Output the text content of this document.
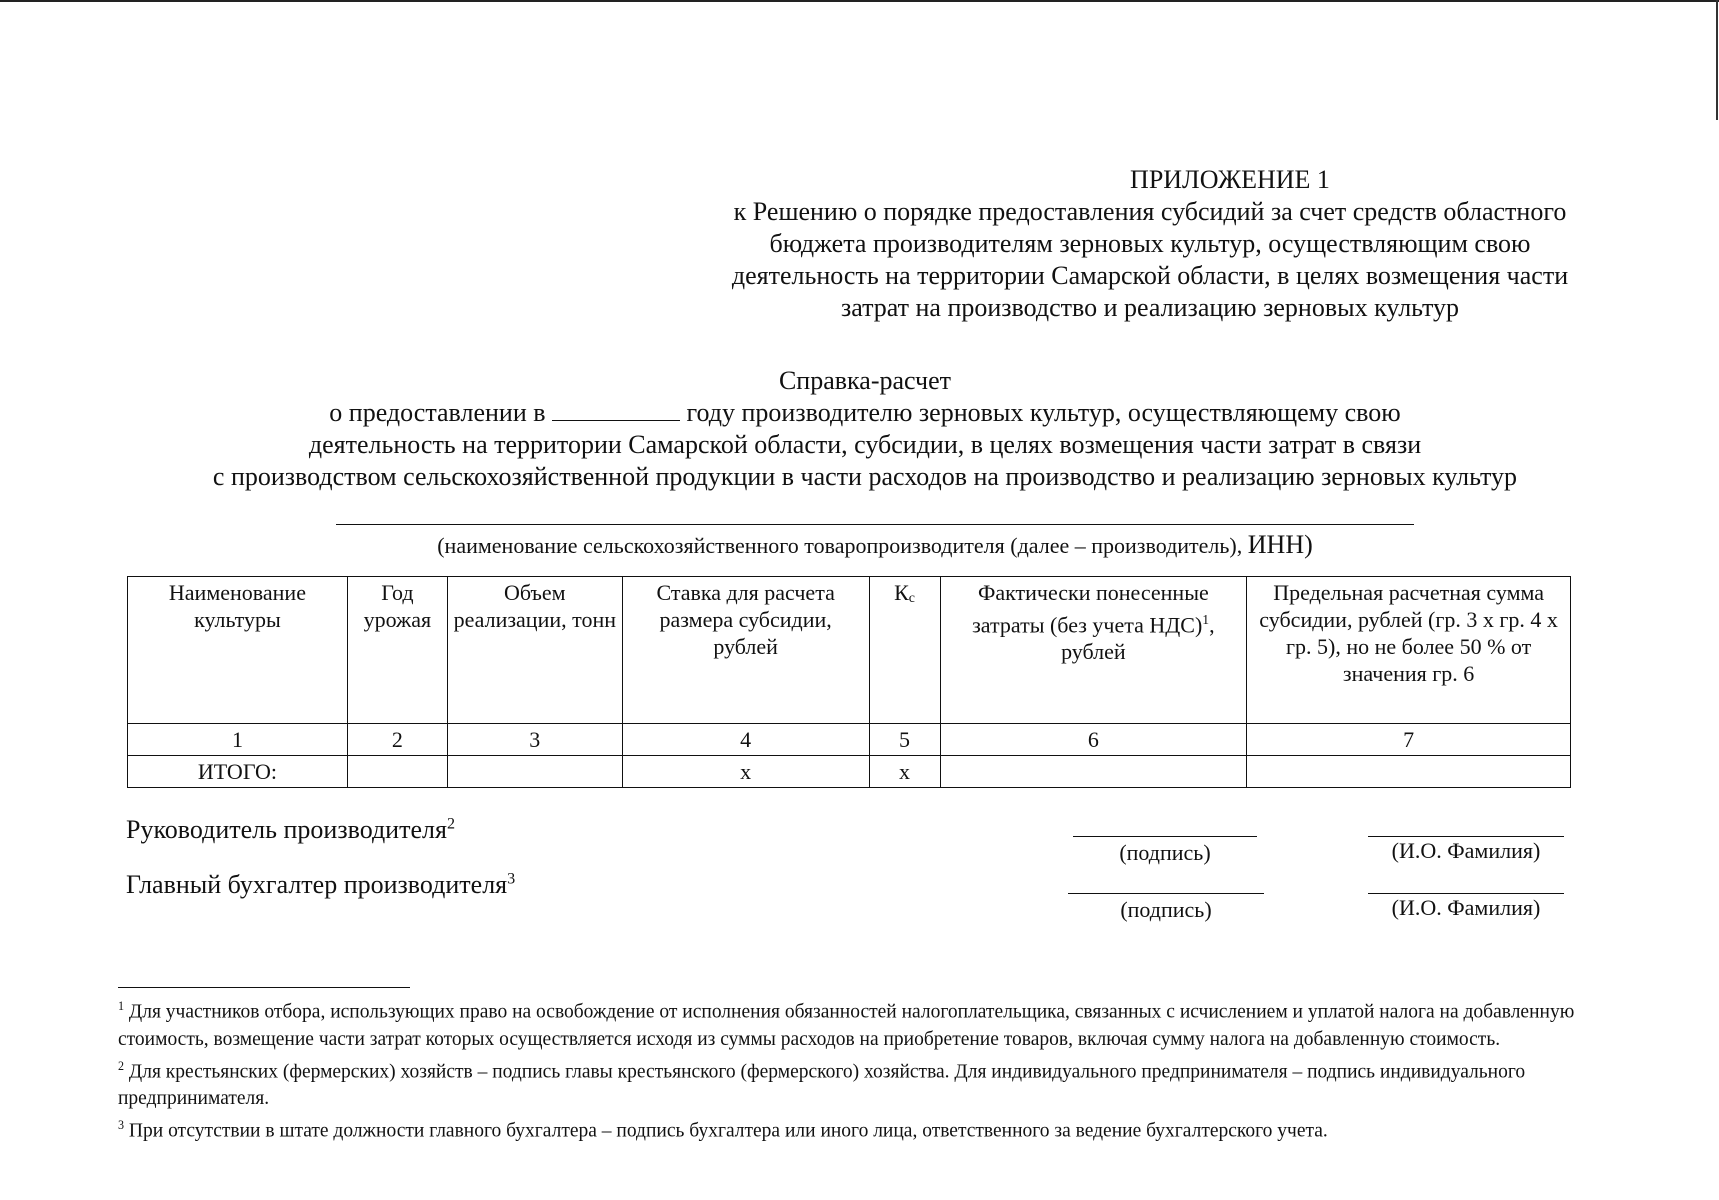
ПРИЛОЖЕНИЕ 1
к Решению о порядке предоставления субсидий за счет средств областного
бюджета производителям зерновых культур, осуществляющим свою
деятельность на территории Самарской области, в целях возмещения части
затрат на производство и реализацию зерновых культур
Справка-расчет
о предоставлении в	году производителю зерновых культур, осуществляющему свою
деятельность на территории Самарской области, субсидии, в целях возмещения части затрат в связи
с производством сельскохозяйственной продукции в части расходов на производство и реализацию зерновых культур
(наименование сельскохозяйственного товаропроизводителя (далее – производитель), ИНН)
Наименование культуры	Год урожая	Объем реализации, тонн	Ставка для расчета размера субсидии, рублей	Кс	Фактически понесенные затраты (без учета НДС)$^1$, рублей	Предельная расчетная сумма субсидии, рублей (гр. 3 х гр. 4 х гр. 5), но не более 50 % от значения гр. 6
1	2	3	4	5	6	7
ИТОГО:			x	x		
Руководитель производителя$^2$
(подпись)	(И.О. Фамилия)
Главный бухгалтер производителя$^3$
(подпись)	(И.О. Фамилия)

$^1$ Для участников отбора, использующих право на освобождение от исполнения обязанностей налогоплательщика, связанных с исчислением и уплатой налога на добавленную стоимость, возмещение части затрат которых осуществляется исходя из суммы расходов на приобретение товаров, включая сумму налога на добавленную стоимость.

$^2$ Для крестьянских (фермерских) хозяйств – подпись главы крестьянского (фермерского) хозяйства. Для индивидуального предпринимателя – подпись индивидуального предпринимателя.

$^3$ При отсутствии в штате должности главного бухгалтера – подпись бухгалтера или иного лица, ответственного за ведение бухгалтерского учета.
